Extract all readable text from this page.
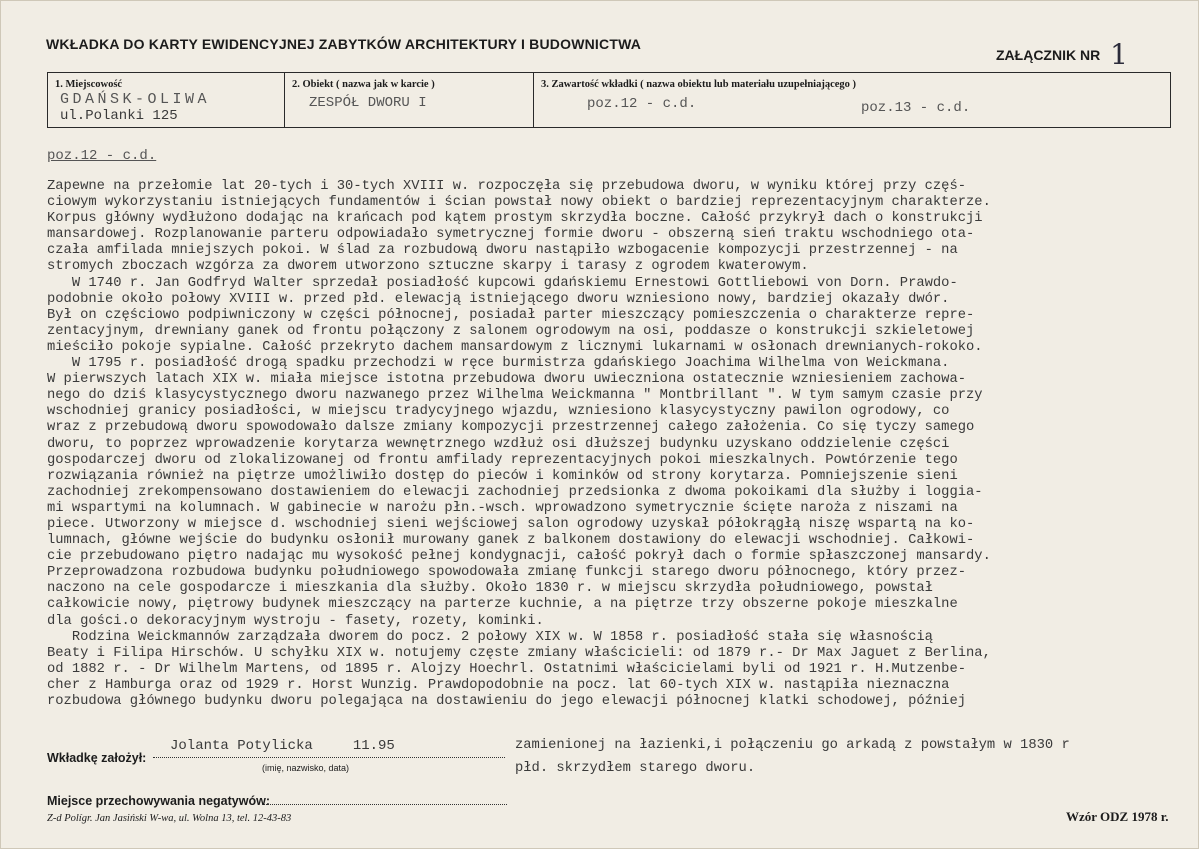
WKŁADKA DO KARTY EWIDENCYJNEJ ZABYTKÓW ARCHITEKTURY I BUDOWNICTWA
ZAŁĄCZNIK NR 1
1. Miejscowość
GDAŃSK-OLIWA
ul.Polanki 125
2. Obiekt ( nazwa jak w karcie )
ZESPÓŁ DWORU I
3. Zawartość wkładki ( nazwa obiektu lub materiału uzupełniającego )
poz.12 - c.d.	poz.13 - c.d.
poz.12 - c.d.
Zapewne na przełomie lat 20-tych i 30-tych XVIII w. rozpoczęła się przebudowa dworu, w wyniku której przy częś-
ciowym wykorzystaniu istniejących fundamentów i ścian powstał nowy obiekt o bardziej reprezentacyjnym charakterze.
Korpus główny wydłużono dodając na krańcach pod kątem prostym skrzydła boczne. Całość przykrył dach o konstrukcji
mansardowej. Rozplanowanie parteru odpowiadało symetrycznej formie dworu - obszerną sień traktu wschodniego ota-
czała amfilada mniejszych pokoi. W ślad za rozbudową dworu nastąpiło wzbogacenie kompozycji przestrzennej - na
stromych zboczach wzgórza za dworem utworzono sztuczne skarpy i tarasy z ogrodem kwaterowym.
W 1740 r. Jan Godfryd Walter sprzedał posiadłość kupcowi gdańskiemu Ernestowi Gottliebowi von Dorn. Prawdo-
podobnie około połowy XVIII w. przed płd. elewacją istniejącego dworu wzniesiono nowy, bardziej okazały dwór.
Był on częściowo podpiwniczony w części północnej, posiadał parter mieszczący pomieszczenia o charakterze repre-
zentacyjnym, drewniany ganek od frontu połączony z salonem ogrodowym na osi, poddasze o konstrukcji szkieletowej
mieściło pokoje sypialne. Całość przekryto dachem mansardowym z licznymi lukarnami w osłonach drewnianych-rokoko.
W 1795 r. posiadłość drogą spadku przechodzi w ręce burmistrza gdańskiego Joachima Wilhelma von Weickmana.
W pierwszych latach XIX w. miała miejsce istotna przebudowa dworu uwieczniona ostatecznie wzniesieniem zachowa-
nego do dziś klasycystycznego dworu nazwanego przez Wilhelma Weickmanna " Montbrillant ". W tym samym czasie przy
wschodniej granicy posiadłości, w miejscu tradycyjnego wjazdu, wzniesiono klasycystyczny pawilon ogrodowy, co
wraz z przebudową dworu spowodowało dalsze zmiany kompozycji przestrzennej całego założenia. Co się tyczy samego
dworu, to poprzez wprowadzenie korytarza wewnętrznego wzdłuż osi dłuższej budynku uzyskano oddzielenie części
gospodarczej dworu od zlokalizowanej od frontu amfilady reprezentacyjnych pokoi mieszkalnych. Powtórzenie tego
rozwiązania również na piętrze umożliwiło dostęp do pieców i kominków od strony korytarza. Pomniejszenie sieni
zachodniej zrekompensowano dostawieniem do elewacji zachodniej przedsionka z dwoma pokoikami dla służby i loggia-
mi wspartymi na kolumnach. W gabinecie w narożu płn.-wsch. wprowadzono symetrycznie ścięte naroża z niszami na
piece. Utworzony w miejsce d. wschodniej sieni wejściowej salon ogrodowy uzyskał półokrągłą niszę wspartą na ko-
lumnach, główne wejście do budynku osłonił murowany ganek z balkonem dostawiony do elewacji wschodniej. Całkowi-
cie przebudowano piętro nadając mu wysokość pełnej kondygnacji, całość pokrył dach o formie spłaszczonej mansardy.
Przeprowadzona rozbudowa budynku południowego spowodowała zmianę funkcji starego dworu północnego, który przez-
naczono na cele gospodarcze i mieszkania dla służby. Około 1830 r. w miejscu skrzydła południowego, powstał
całkowicie nowy, piętrowy budynek mieszczący na parterze kuchnie, a na piętrze trzy obszerne pokoje mieszkalne
dla gości.o dekoracyjnym wystroju - fasety, rozety, kominki.
Rodzina Weickmannów zarządzała dworem do pocz. 2 połowy XIX w. W 1858 r. posiadłość stała się własnością
Beaty i Filipa Hirschów. U schyłku XIX w. notujemy częste zmiany właścicieli: od 1879 r.- Dr Max Jaguet z Berlina,
od 1882 r. - Dr Wilhelm Martens, od 1895 r. Alojzy Hoechrl. Ostatnimi właścicielami byli od 1921 r. H.Mutzenbe-
cher z Hamburga oraz od 1929 r. Horst Wunzig. Prawdopodobnie na pocz. lat 60-tych XIX w. nastąpiła nieznaczna
rozbudowa głównego budynku dworu polegająca na dostawieniu do jego elewacji północnej klatki schodowej, później
zamienionej na łazienki,i połączeniu go arkadą z powstałym w 1830 r
płd. skrzydłem starego dworu.
Wkładkę założył:
Jolanta Potylicka	11.95
(imię, nazwisko, data)
Miejsce przechowywania negatywów:
Z-d Polígr. Jan Jasiński W-wa, ul. Wolna 13, tel. 12-43-83	Wzór ODZ 1978 r.
